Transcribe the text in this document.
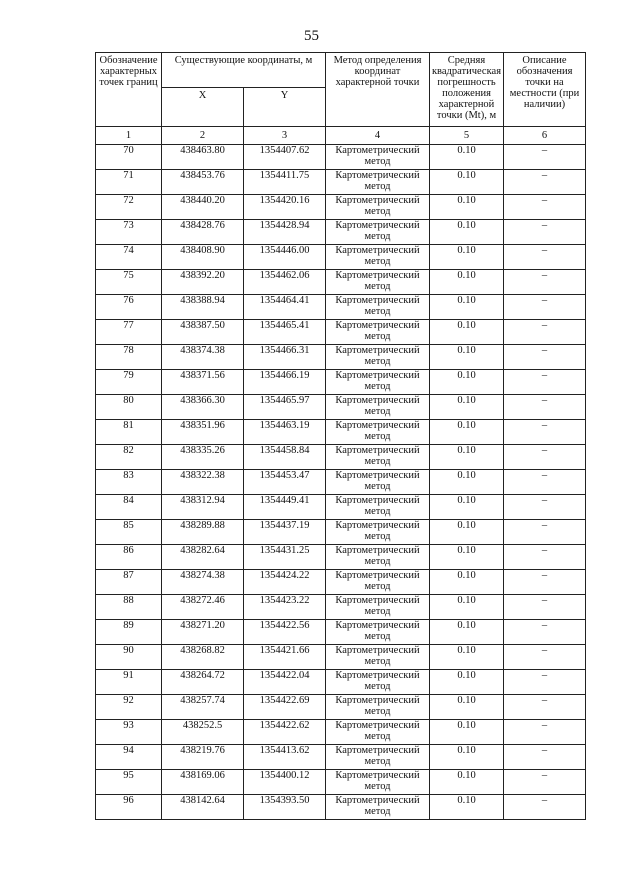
55
Обозначение характерных точек границ	Существующие координаты, м		Метод определения координат характерной точки	Средняя квадратическая погрешность положения характерной точки (Mt), м	Описание обозначения точки на местности (при наличии)
	X	Y			
1	2	3	4	5	6
70	438463.80	1354407.62	Картометрический метод	0.10	–
71	438453.76	1354411.75	Картометрический метод	0.10	–
72	438440.20	1354420.16	Картометрический метод	0.10	–
73	438428.76	1354428.94	Картометрический метод	0.10	–
74	438408.90	1354446.00	Картометрический метод	0.10	–
75	438392.20	1354462.06	Картометрический метод	0.10	–
76	438388.94	1354464.41	Картометрический метод	0.10	–
77	438387.50	1354465.41	Картометрический метод	0.10	–
78	438374.38	1354466.31	Картометрический метод	0.10	–
79	438371.56	1354466.19	Картометрический метод	0.10	–
80	438366.30	1354465.97	Картометрический метод	0.10	–
81	438351.96	1354463.19	Картометрический метод	0.10	–
82	438335.26	1354458.84	Картометрический метод	0.10	–
83	438322.38	1354453.47	Картометрический метод	0.10	–
84	438312.94	1354449.41	Картометрический метод	0.10	–
85	438289.88	1354437.19	Картометрический метод	0.10	–
86	438282.64	1354431.25	Картометрический метод	0.10	–
87	438274.38	1354424.22	Картометрический метод	0.10	–
88	438272.46	1354423.22	Картометрический метод	0.10	–
89	438271.20	1354422.56	Картометрический метод	0.10	–
90	438268.82	1354421.66	Картометрический метод	0.10	–
91	438264.72	1354422.04	Картометрический метод	0.10	–
92	438257.74	1354422.69	Картометрический метод	0.10	–
93	438252.5	1354422.62	Картометрический метод	0.10	–
94	438219.76	1354413.62	Картометрический метод	0.10	–
95	438169.06	1354400.12	Картометрический метод	0.10	–
96	438142.64	1354393.50	Картометрический метод	0.10	–
